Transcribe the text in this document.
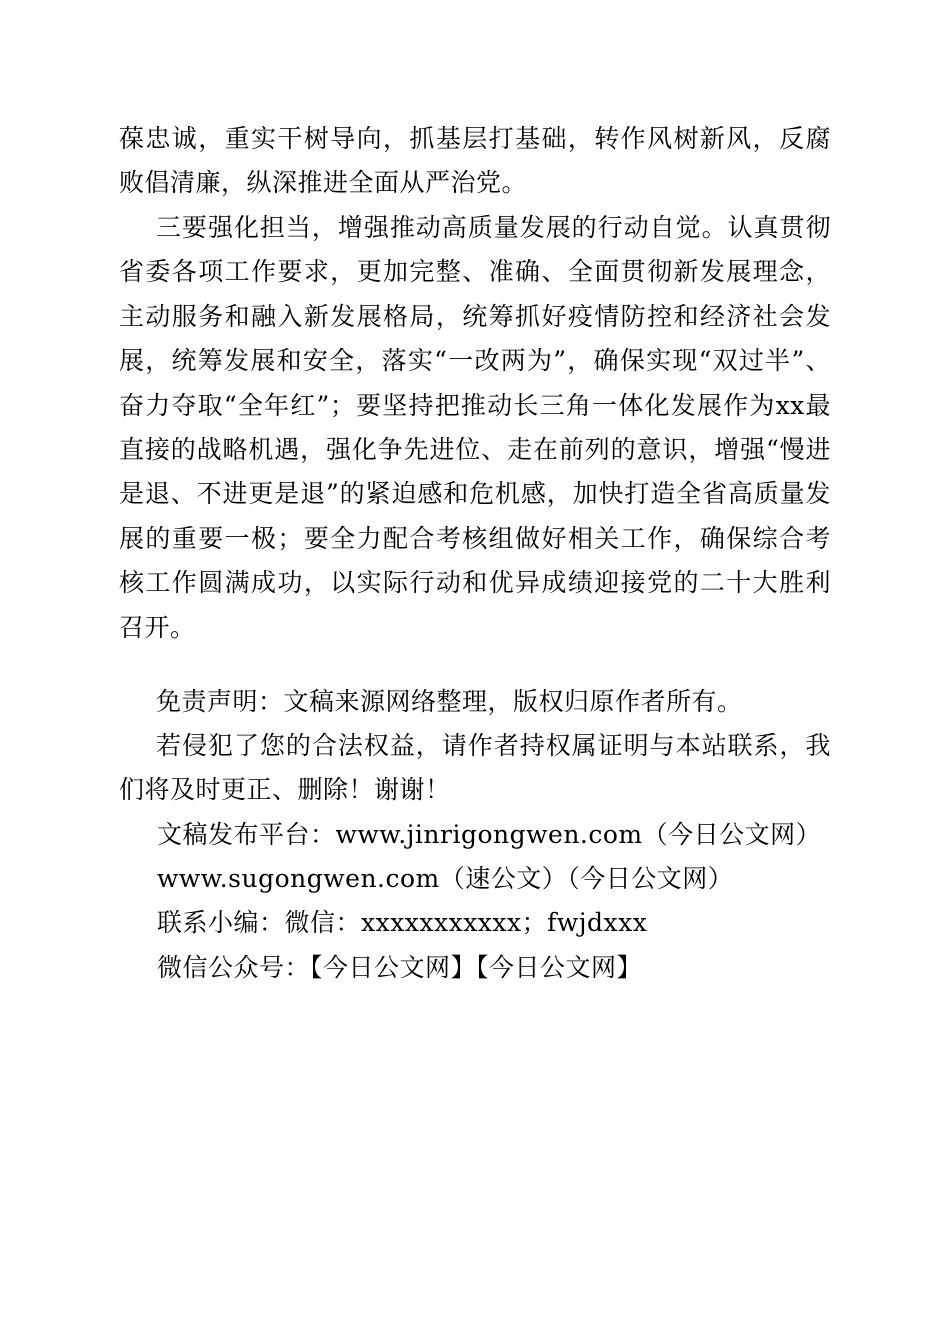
葆忠诚，重实干树导向，抓基层打基础，转作风树新风，反腐败倡清廉，纵深推进全面从严治党。

三要强化担当，增强推动高质量发展的行动自觉。认真贯彻省委各项工作要求，更加完整、准确、全面贯彻新发展理念，主动服务和融入新发展格局，统筹抓好疫情防控和经济社会发展，统筹发展和安全，落实“一改两为”，确保实现“双过半”、奋力夺取“全年红”；要坚持把推动长三角一体化发展作为xx最直接的战略机遇，强化争先进位、走在前列的意识，增强“慢进是退、不进更是退”的紧迫感和危机感，加快打造全省高质量发展的重要一极；要全力配合考核组做好相关工作，确保综合考核工作圆满成功，以实际行动和优异成绩迎接党的二十大胜利召开。

免责声明：文稿来源网络整理，版权归原作者所有。

若侵犯了您的合法权益，请作者持权属证明与本站联系，我们将及时更正、删除！谢谢！

文稿发布平台：www.jinrigongwen.com（今日公文网）
www.sugongwen.com（速公文）（今日公文网）
联系小编：微信：xxxxxxxxxxx；fwjdxxx
微信公众号：【今日公文网】【今日公文网】
